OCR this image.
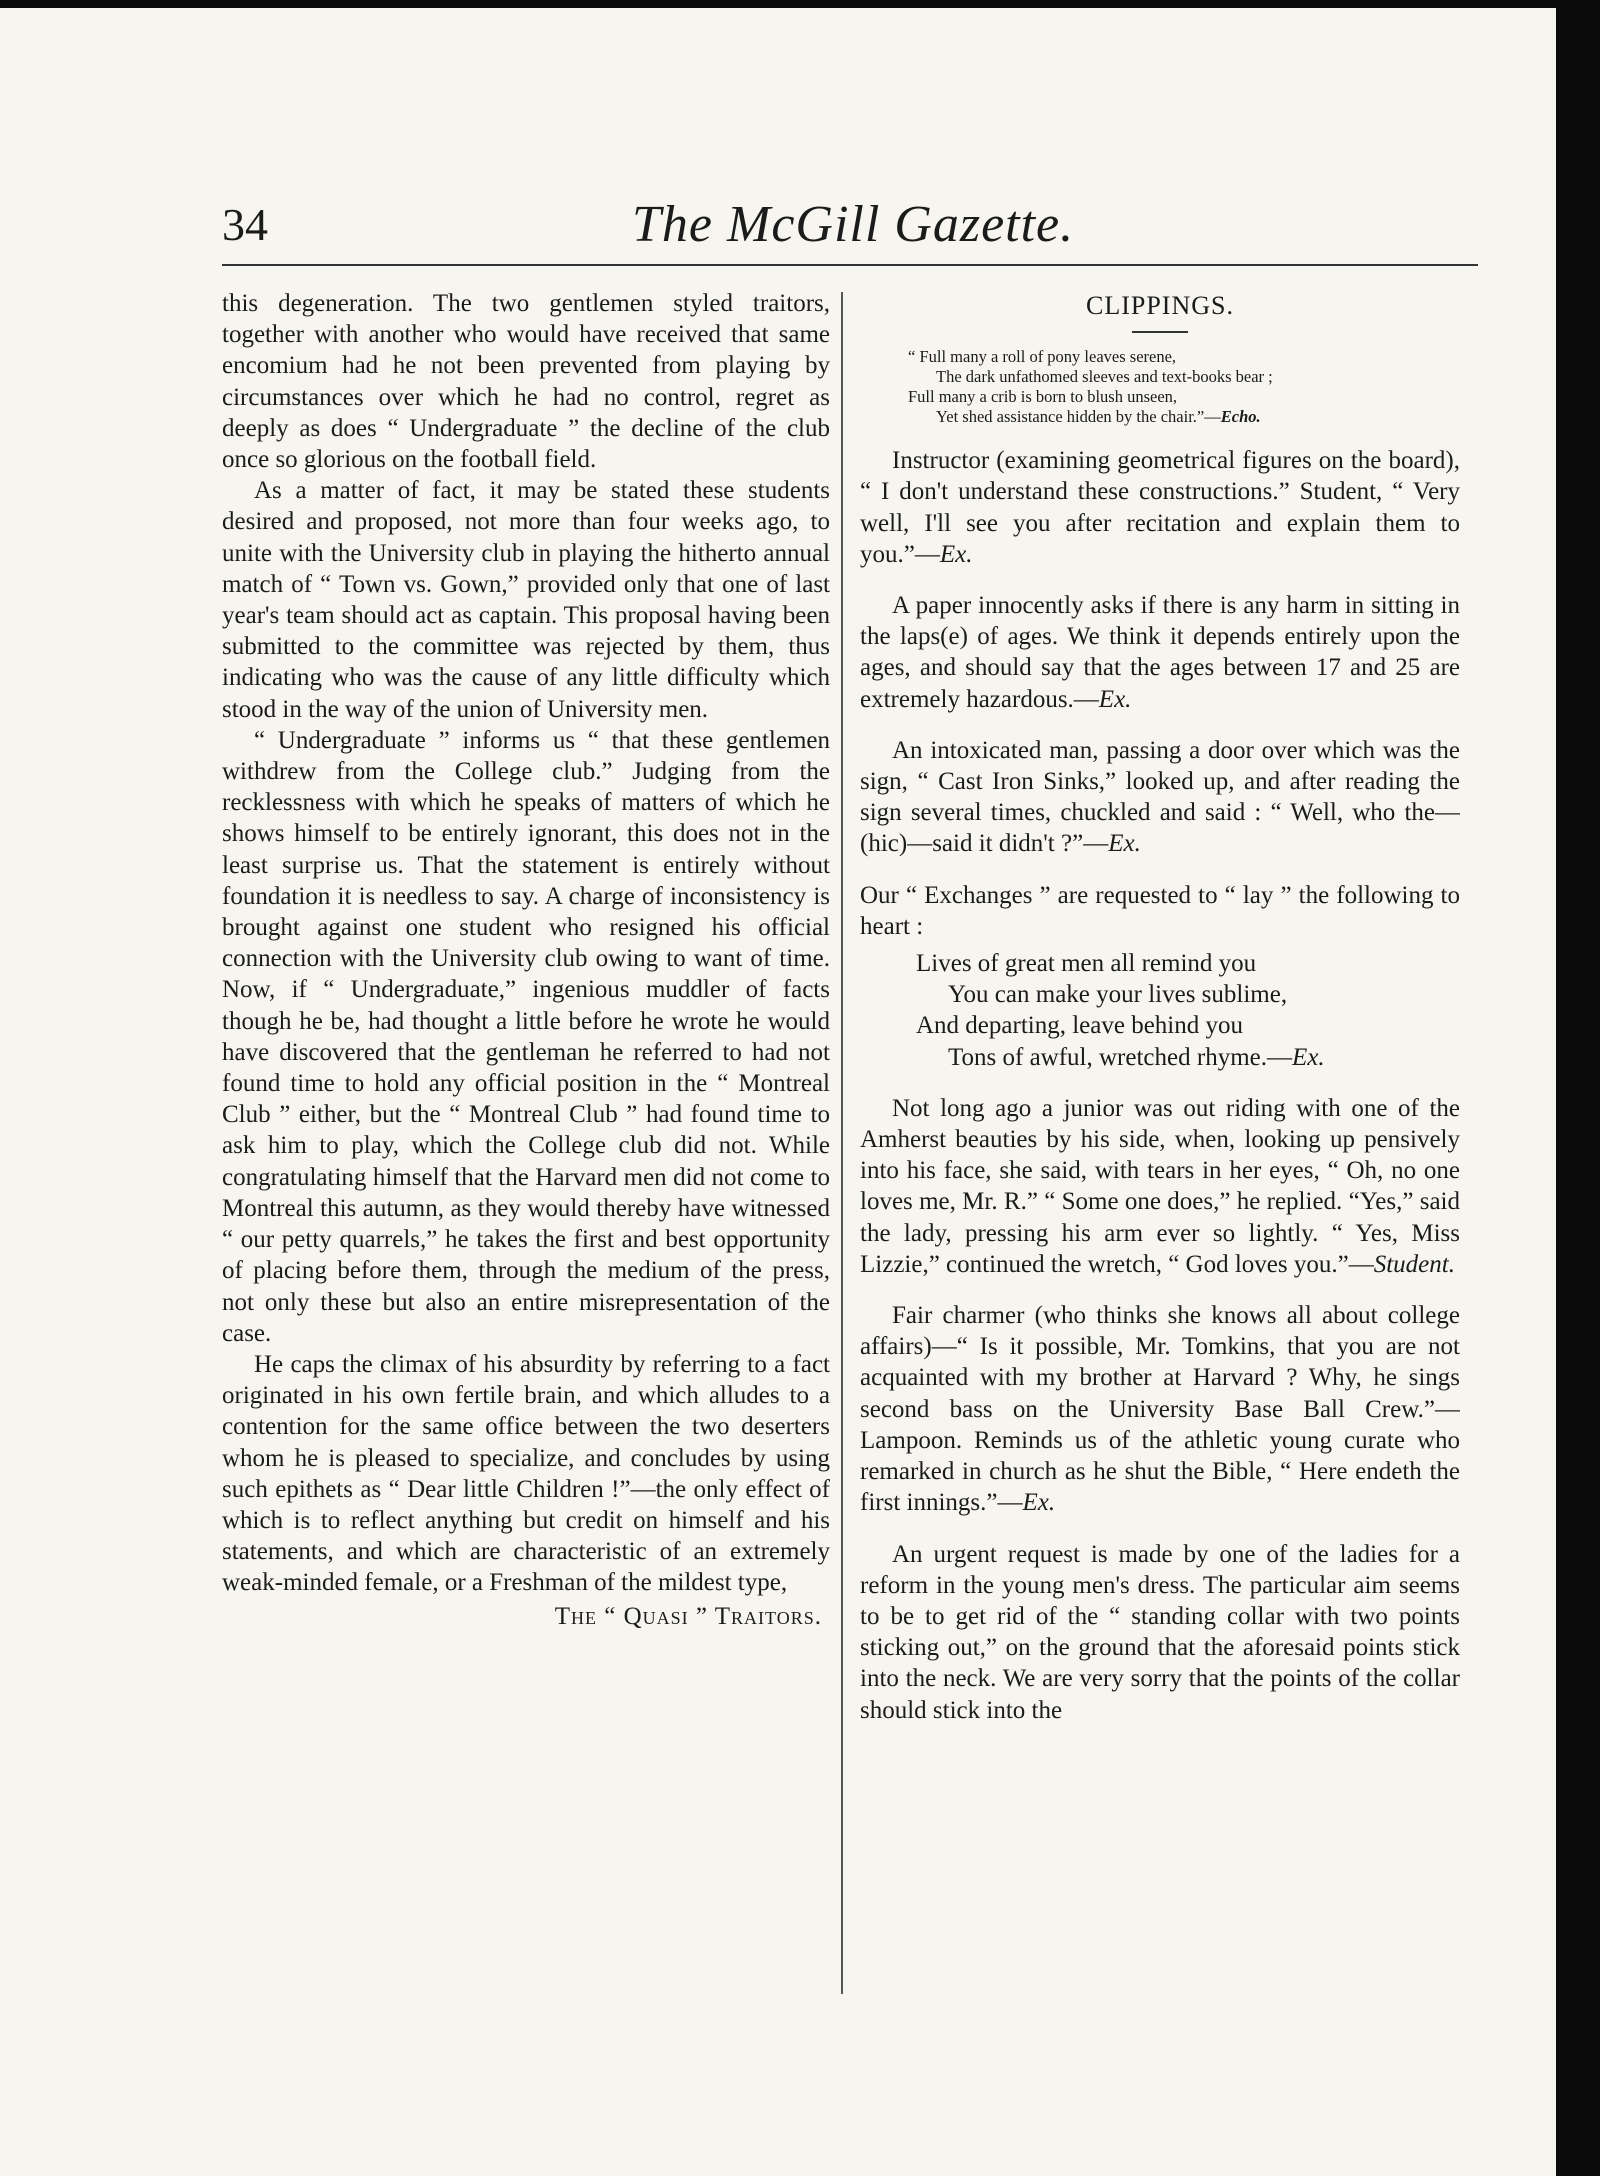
34	The McGill Gazette.

this degeneration. The two gentlemen styled traitors, together with another who would have received that same encomium had he not been prevented from playing by circumstances over which he had no control, regret as deeply as does “ Undergraduate ” the decline of the club once so glorious on the football field.

As a matter of fact, it may be stated these students desired and proposed, not more than four weeks ago, to unite with the University club in playing the hitherto annual match of “ Town vs. Gown,” provided only that one of last year's team should act as captain. This proposal having been submitted to the committee was rejected by them, thus indicating who was the cause of any little difficulty which stood in the way of the union of University men.

“ Undergraduate ” informs us “ that these gentlemen withdrew from the College club.” Judging from the recklessness with which he speaks of matters of which he shows himself to be entirely ignorant, this does not in the least surprise us. That the statement is entirely without foundation it is needless to say. A charge of inconsistency is brought against one student who resigned his official connection with the University club owing to want of time. Now, if “ Undergraduate,” ingenious muddler of facts though he be, had thought a little before he wrote he would have discovered that the gentleman he referred to had not found time to hold any official position in the “ Montreal Club ” either, but the “ Montreal Club ” had found time to ask him to play, which the College club did not. While congratulating himself that the Harvard men did not come to Montreal this autumn, as they would thereby have witnessed “ our petty quarrels,” he takes the first and best opportunity of placing before them, through the medium of the press, not only these but also an entire misrepresentation of the case.

He caps the climax of his absurdity by referring to a fact originated in his own fertile brain, and which alludes to a contention for the same office between the two deserters whom he is pleased to specialize, and concludes by using such epithets as “ Dear little Children !”—the only effect of which is to reflect anything but credit on himself and his statements, and which are characteristic of an extremely weak-minded female, or a Freshman of the mildest type,

The “ Quasi ” Traitors.
CLIPPINGS.
“ Full many a roll of pony leaves serene,
The dark unfathomed sleeves and text-books bear ;
Full many a crib is born to blush unseen,
Yet shed assistance hidden by the chair.”—Echo.

Instructor (examining geometrical figures on the board), “ I don't understand these constructions.” Student, “ Very well, I'll see you after recitation and explain them to you.”—Ex.

A paper innocently asks if there is any harm in sitting in the laps(e) of ages. We think it depends entirely upon the ages, and should say that the ages between 17 and 25 are extremely hazardous.—Ex.

An intoxicated man, passing a door over which was the sign, “ Cast Iron Sinks,” looked up, and after reading the sign several times, chuckled and said : “ Well, who the—(hic)—said it didn't ?”—Ex.

Our “ Exchanges ” are requested to “ lay ” the following to heart :

Lives of great men all remind you
You can make your lives sublime,
And departing, leave behind you
Tons of awful, wretched rhyme.—Ex.

Not long ago a junior was out riding with one of the Amherst beauties by his side, when, looking up pensively into his face, she said, with tears in her eyes, “ Oh, no one loves me, Mr. R.” “ Some one does,” he replied. “Yes,” said the lady, pressing his arm ever so lightly. “ Yes, Miss Lizzie,” continued the wretch, “ God loves you.”—Student.

Fair charmer (who thinks she knows all about college affairs)—“ Is it possible, Mr. Tomkins, that you are not acquainted with my brother at Harvard ? Why, he sings second bass on the University Base Ball Crew.”—Lampoon. Reminds us of the athletic young curate who remarked in church as he shut the Bible, “ Here endeth the first innings.”—Ex.

An urgent request is made by one of the ladies for a reform in the young men's dress. The particular aim seems to be to get rid of the “ standing collar with two points sticking out,” on the ground that the aforesaid points stick into the neck. We are very sorry that the points of the collar should stick into the
